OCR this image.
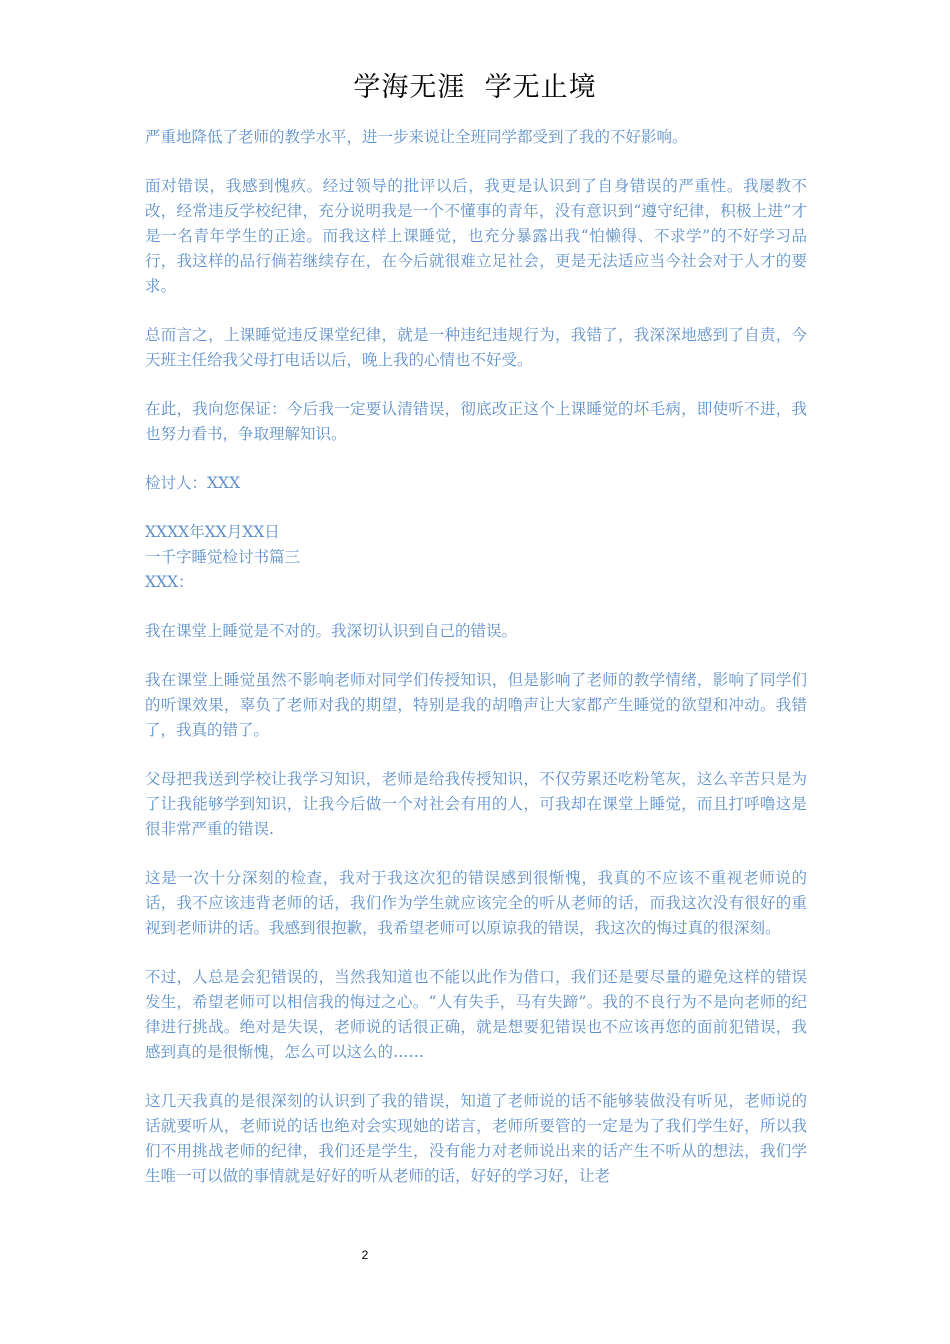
学海无涯  学无止境

严重地降低了老师的教学水平，进一步来说让全班同学都受到了我的不好影响。

面对错误，我感到愧疚。经过领导的批评以后，我更是认识到了自身错误的严重性。我屡教不改，经常违反学校纪律，充分说明我是一个不懂事的青年，没有意识到“遵守纪律，积极上进”才是一名青年学生的正途。而我这样上课睡觉，也充分暴露出我“怕懒得、不求学”的不好学习品行，我这样的品行倘若继续存在，在今后就很难立足社会，更是无法适应当今社会对于人才的要求。

总而言之，上课睡觉违反课堂纪律，就是一种违纪违规行为，我错了，我深深地感到了自责，今天班主任给我父母打电话以后，晚上我的心情也不好受。

在此，我向您保证：今后我一定要认清错误，彻底改正这个上课睡觉的坏毛病，即使听不进，我也努力看书，争取理解知识。

检讨人：XXX

XXXX年XX月XX日

一千字睡觉检讨书篇三

XXX：

我在课堂上睡觉是不对的。我深切认识到自己的错误。

我在课堂上睡觉虽然不影响老师对同学们传授知识，但是影响了老师的教学情绪，影响了同学们的听课效果，辜负了老师对我的期望，特别是我的胡噜声让大家都产生睡觉的欲望和冲动。我错了，我真的错了。

父母把我送到学校让我学习知识，老师是给我传授知识，不仅劳累还吃粉笔灰，这么辛苦只是为了让我能够学到知识，让我今后做一个对社会有用的人，可我却在课堂上睡觉，而且打呼噜这是很非常严重的错误.

这是一次十分深刻的检查，我对于我这次犯的错误感到很惭愧，我真的不应该不重视老师说的话，我不应该违背老师的话，我们作为学生就应该完全的听从老师的话，而我这次没有很好的重视到老师讲的话。我感到很抱歉，我希望老师可以原谅我的错误，我这次的悔过真的很深刻。

不过，人总是会犯错误的，当然我知道也不能以此作为借口，我们还是要尽量的避免这样的错误发生，希望老师可以相信我的悔过之心。“人有失手，马有失蹄”。我的不良行为不是向老师的纪律进行挑战。绝对是失误，老师说的话很正确，就是想要犯错误也不应该再您的面前犯错误，我感到真的是很惭愧，怎么可以这么的……

这几天我真的是很深刻的认识到了我的错误，知道了老师说的话不能够装做没有听见，老师说的话就要听从，老师说的话也绝对会实现她的诺言，老师所要管的一定是为了我们学生好，所以我们不用挑战老师的纪律，我们还是学生，没有能力对老师说出来的话产生不听从的想法，我们学生唯一可以做的事情就是好好的听从老师的话，好好的学习好，让老

2
